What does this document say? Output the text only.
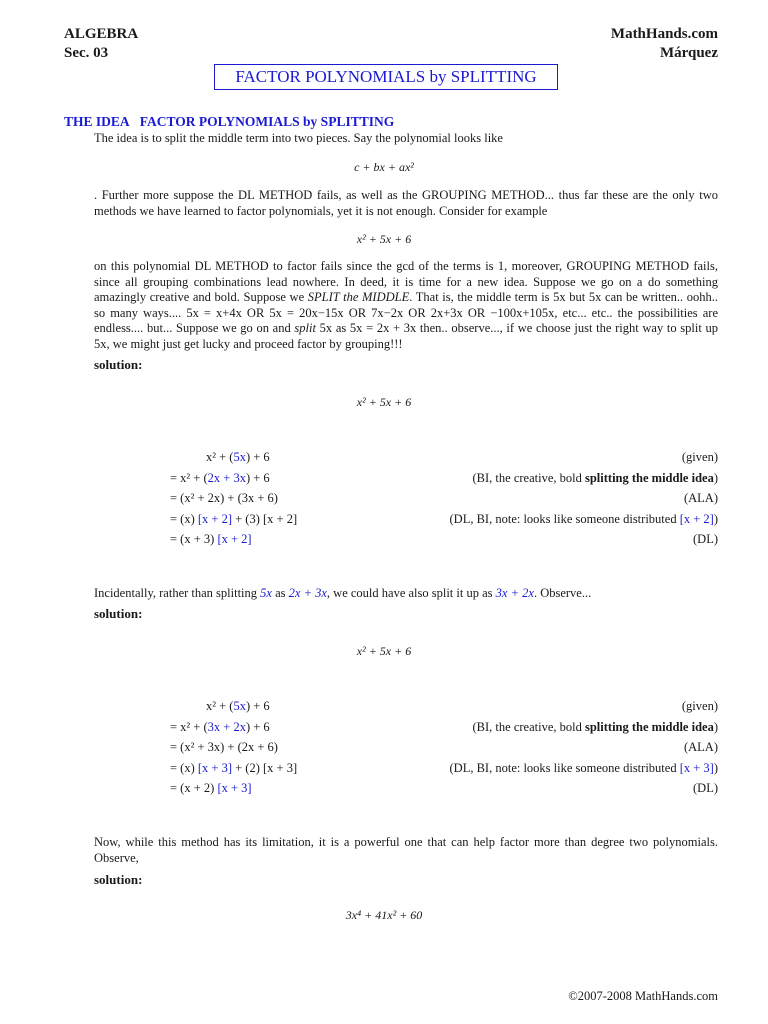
ALGEBRA
Sec. 03
MathHands.com
Márquez
FACTOR POLYNOMIALS by SPLITTING
THE IDEA FACTOR POLYNOMIALS by SPLITTING
The idea is to split the middle term into two pieces. Say the polynomial looks like
c + bx + ax²
. Further more suppose the DL METHOD fails, as well as the GROUPING METHOD... thus far these are the only two methods we have learned to factor polynomials, yet it is not enough. Consider for example
x² + 5x + 6
on this polynomial DL METHOD to factor fails since the gcd of the terms is 1, moreover, GROUPING METHOD fails, since all grouping combinations lead nowhere. In deed, it is time for a new idea. Suppose we go on a do something amazingly creative and bold. Suppose we SPLIT the MIDDLE. That is, the middle term is 5x but 5x can be written.. oohh.. so many ways.... 5x = x+4x OR 5x = 20x−15x OR 7x−2x OR 2x+3x OR −100x+105x, etc... etc.. the possibilities are endless.... but... Suppose we go on and split 5x as 5x = 2x + 3x then.. observe..., if we choose just the right way to split up 5x, we might just get lucky and proceed factor by grouping!!!
solution:
x² + 5x + 6
x² + (5x) + 6	(given)
= x² + (2x + 3x) + 6	(BI, the creative, bold splitting the middle idea)
= (x² + 2x) + (3x + 6)	(ALA)
= (x) [x + 2] + (3) [x + 2]	(DL, BI, note: looks like someone distributed [x + 2])
= (x + 3) [x + 2]	(DL)
Incidentally, rather than splitting 5x as 2x + 3x, we could have also split it up as 3x + 2x. Observe...
solution:
x² + 5x + 6
x² + (5x) + 6	(given)
= x² + (3x + 2x) + 6	(BI, the creative, bold splitting the middle idea)
= (x² + 3x) + (2x + 6)	(ALA)
= (x) [x + 3] + (2) [x + 3]	(DL, BI, note: looks like someone distributed [x + 3])
= (x + 2) [x + 3]	(DL)
Now, while this method has its limitation, it is a powerful one that can help factor more than degree two polynomials. Observe,
solution:
3x⁴ + 41x² + 60
©2007-2008 MathHands.com
